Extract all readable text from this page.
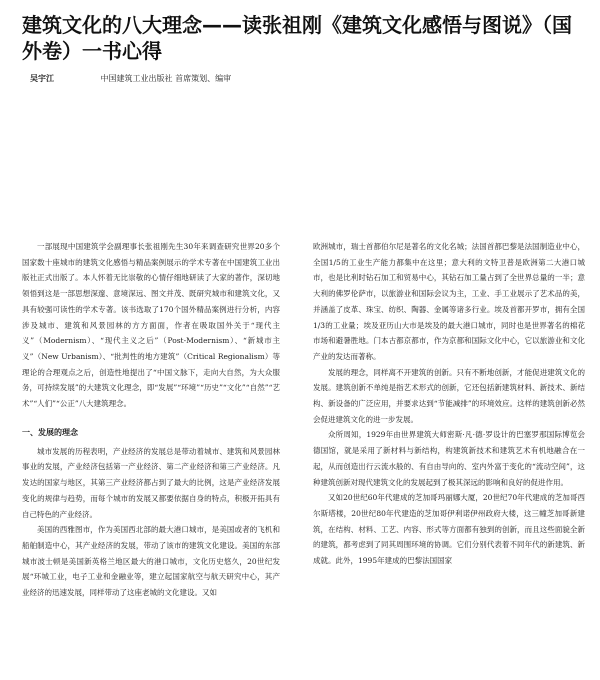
建筑文化的八大理念——读张祖刚《建筑文化感悟与图说》（国外卷）一书心得
吴宇江	中国建筑工业出版社 首席策划、编审

一部展现中国建筑学会副理事长张祖刚先生30年来调查研究世界20多个国家数十座城市的建筑文化感悟与精品案例展示的学术专著在中国建筑工业出版社正式出版了。本人怀着无比崇敬的心情仔细地研读了大家的著作，深切地领悟到这是一部思想深邃、意境深远、图文并茂、既研究城市和建筑文化，又具有较强可读性的学术专著。该书选取了170个国外精品案例进行分析，内容涉及城市、建筑和风景园林的方方面面，作者在吸取国外关于“现代主义”（Modernism）、“现代主义之后”（Post-Modernism）、“新城市主义”（New Urbanism）、“批判性的地方建筑”（Critical Regionalism）等理论的合理观点之后，创造性地提出了“中国文脉下，走向大自然，为大众服务，可持续发展”的大建筑文化理念，即“发展”“环境”“历史”“文化”“自然”“艺术”“人们”“公正”八大建筑理念。

一、发展的理念

城市发展的历程表明，产业经济的发展总是带动着城市、建筑和风景园林事业的发展，产业经济包括第一产业经济、第二产业经济和第三产业经济。凡发达的国家与地区，其第三产业经济都占到了最大的比例，这是产业经济发展变化的规律与趋势，而每个城市的发展又都要依据自身的特点，积极开拓具有自己特色的产业经济。

美国的西雅图市，作为美国西北部的最大港口城市，是美国或者的飞机和船舶制造中心，其产业经济的发展，带动了该市的建筑文化建设。美国的东部城市波士顿是美国新英格兰地区最大的港口城市，文化历史悠久，20世纪发展“环城工业，电子工业和金融业等，建立起国家航空与航天研究中心，其产业经济的迅速发展，同样带动了这座老城的文化建设。又如

欧洲城市，瑞士首都伯尔尼是著名的文化名城；法国首都巴黎是法国制造业中心，全国1/5的工业生产能力都集中在这里；意大利的文特卫普是欧洲第二大港口城市，也是比利时钻石加工和贸易中心，其钻石加工量占到了全世界总量的一半；意大利的佛罗伦萨市，以旅游业和国际会议为主，工业、手工业展示了艺术品的美，并涵盖了皮革、珠宝、纺织、陶器、金属等诸多行业。埃及首都开罗市，拥有全国1/3的工业量；埃及亚历山大市是埃及的最大港口城市，同时也是世界著名的棉花市场和避暑胜地。门本古都京都市，作为京都和国际文化中心，它以旅游业和文化产业的发达而著称。

发展的理念，同样离不开建筑的创新。只有不断地创新，才能促进建筑文化的发展。建筑创新不单纯是指艺术形式的创新，它还包括新建筑材料、新技术、新结构、新设备的广泛应用，并要求达到“节能减排”的环境效应。这样的建筑创新必然会促进建筑文化的进一步发展。

众所周知，1929年由世界建筑大师密斯·凡·德·罗设计的巴塞罗那国际博览会德国馆，就是采用了新材料与新结构，构建筑新技术和建筑艺术有机地融合在一起，从而创造出行云流水般的、有自由导向的、室内外富于变化的“流动空间”，这种建筑创新对现代建筑文化的发展起到了极其深远的影响和良好的促进作用。

又如20世纪60年代建成的芝加哥玛丽娜大厦，20世纪70年代建成的芝加哥西尔斯塔楼，20世纪80年代建造的芝加哥伊利诺伊州政府大楼，这三幢芝加哥新建筑，在结构、材料、工艺、内容、形式等方面都有独到的创新，而且这些面貌全新的建筑，都考虑到了同其周围环境的协调。它们分别代表着不同年代的新建筑、新成就。此外，1995年建成的巴黎法国国家
